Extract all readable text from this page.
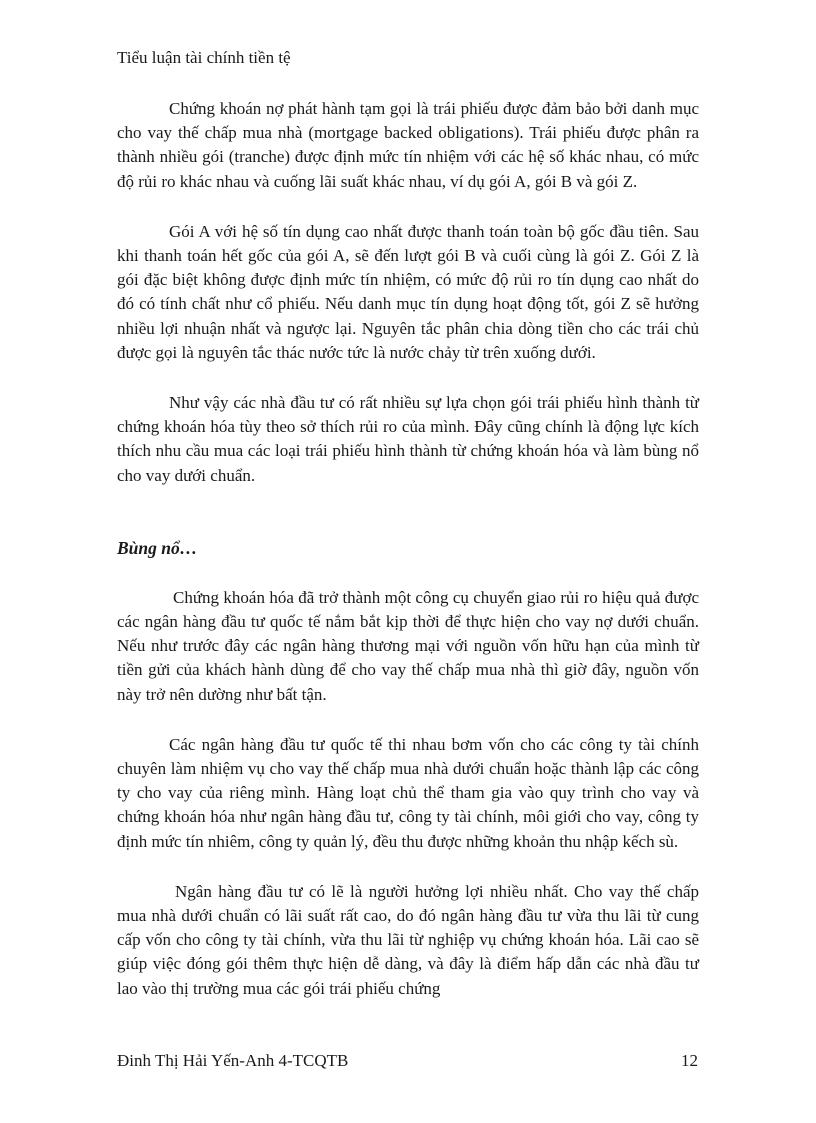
Tiểu luận tài chính tiền tệ

Chứng khoán nợ phát hành tạm gọi là trái phiếu được đảm bảo bởi danh mục cho vay thế chấp mua nhà (mortgage backed obligations). Trái phiếu được phân ra thành nhiều gói (tranche) được định mức tín nhiệm với các hệ số khác nhau, có mức độ rủi ro khác nhau và cuống lãi suất khác nhau, ví dụ gói A, gói B và gói Z.

Gói A với hệ số tín dụng cao nhất được thanh toán toàn bộ gốc đầu tiên. Sau khi thanh toán hết gốc của gói A, sẽ đến lượt gói B và cuối cùng là gói Z. Gói Z là gói đặc biệt không được định mức tín nhiệm, có mức độ rủi ro tín dụng cao nhất do đó có tính chất như cổ phiếu. Nếu danh mục tín dụng hoạt động tốt, gói Z sẽ hưởng nhiều lợi nhuận nhất và ngược lại. Nguyên tắc phân chia dòng tiền cho các trái chủ được gọi là nguyên tắc thác nước tức là nước chảy từ trên xuống dưới.

Như vậy các nhà đầu tư có rất nhiều sự lựa chọn gói trái phiếu hình thành từ chứng khoán hóa tùy theo sở thích rủi ro của mình. Đây cũng chính là động lực kích thích nhu cầu mua các loại trái phiếu hình thành từ chứng khoán hóa và làm bùng nổ cho vay dưới chuẩn.

Bùng nổ…

Chứng khoán hóa đã trở thành một công cụ chuyển giao rủi ro hiệu quả được các ngân hàng đầu tư quốc tế nắm bắt kịp thời để thực hiện cho vay nợ dưới chuẩn. Nếu như trước đây các ngân hàng thương mại với nguồn vốn hữu hạn của mình từ tiền gửi của khách hành dùng để cho vay thế chấp mua nhà thì giờ đây, nguồn vốn này trở nên dường như bất tận.

Các ngân hàng đầu tư quốc tế thi nhau bơm vốn cho các công ty tài chính chuyên làm nhiệm vụ cho vay thế chấp mua nhà dưới chuẩn hoặc thành lập các công ty cho vay của riêng mình. Hàng loạt chủ thể tham gia vào quy trình cho vay và chứng khoán hóa như ngân hàng đầu tư, công ty tài chính, môi giới cho vay, công ty định mức tín nhiêm, công ty quản lý, đều thu được những khoản thu nhập kếch sù.

Ngân hàng đầu tư có lẽ là người hưởng lợi nhiều nhất. Cho vay thế chấp mua nhà dưới chuẩn có lãi suất rất cao, do đó ngân hàng đầu tư vừa thu lãi từ cung cấp vốn cho công ty tài chính, vừa thu lãi từ nghiệp vụ chứng khoán hóa. Lãi cao sẽ giúp việc đóng gói thêm thực hiện dễ dàng, và đây là điểm hấp dẫn các nhà đầu tư lao vào thị trường mua các gói trái phiếu chứng

Đinh Thị Hải Yến-Anh 4-TCQTB	12
